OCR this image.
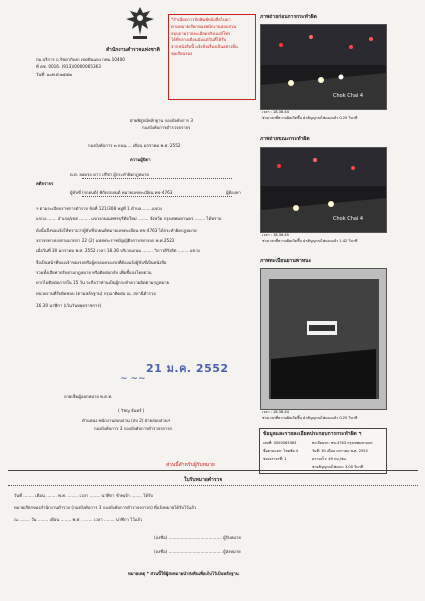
สำนักงานตำรวจแห่งชาติ
กม.บริการ ถ.รัชดาภิเษก เขตดินแดง กทม.10400
ที่ ตช. 0016. (913)/0000065363
วันที่: ๑๐พ.ศ.๒๕๕๒
*สำเนียบการจัดพิมพ์หนังสือไปมา
ตามหมายเรียกของพนักงานสอบสวน
สอบถามรายละเอียดจริงเบอร์โทร
ได้ที่กลางเดือนนับแต่วันที่ได้รับ
จากหนังสือนี้ แจ้งข้อเรื่องเป็นอย่างอื่น
ขอเรียนรอง
ฝ่ายพิสูจน์หลักฐาน กองบังคับการ 3
กองบังคับการตำรวจจราจร
กองบังคับการ ๓ ถนน.... เดือน มกราคม พ.ศ. 2552
ความผู้บิดา
คดีจราจร
ด.ต. ยอดรถ ดาว ปรีชา ผู้กระทำผิดกฎหมาย
ผู้ขับขี่ (รถยนต์) พิกัดรถยนต์ หมายเลขทะเบียน ทข-4763	ผู้ต้องหา
ฯ ตามระเบียบราชการตำรวจ ข้อที่ 121/308 หมู่ที่ 1 ตำบล........แขวง
แขวง........ อำเภอ/เขต ........ แขวงถนนเพชรบุรีตัดใหม่ ........ จังหวัด กรุงเทพมหานคร ........ ได้ทราบ
ดังนั้นจึงขอแจ้งให้ทราบว่าผู้ขับขี่รถยนต์หมายเลขทะเบียน ทข-4763 ได้กระทำผิดกฎหมาย
จราจรทางบกตามมาตรา 22 (2) แห่งพระราชบัญญัติจราจรทางบก พ.ศ.2522
เมื่อวันที่ 30 มกราคม พ.ศ. 2552 เวลา 18.36 บริเวณถนน ........ วิภาวดีรังสิต ........ แขวง
จึงเป็นหน้าที่ของเจ้าของรถหรือผู้ครอบครองรถที่ต้องแจ้งผู้ขับขี่เป็นหนังสือ
รวมทั้งเสียค่าปรับตามกฎหมาย หรือติดต่อกลับ เพื่อชี้แจงโดยด่วน
หากไม่ติดต่อภายใน 15 วัน จะถือว่าท่านเป็นผู้กระทำความผิดตามกฎหมาย
หน่วยงานที่รับผิดชอบ (ตามหลักฐาน) กรุณาติดต่อ ณ. สถานีตำรวจ
16.30 นาฬิกา (เว้นวันหยุดราชการ)
21 ม.ค. 2552
~ ~~
ลายเซ็นผู้ออกหมาย พ.ต.ท.
( วิชญ จันทร์ )
ตำแหน่ง พนักงานสอบสวน (สบ 2) ฝ่ายสอบสวนฯ
กองบังคับการ 3 กองบังคับการตำรวจจราจร
ภาพถ่ายก่อนการกระทำผิด
Chok Chai 4
เวลา : 18.36.44
ช่วงเวลาที่ความผิดเกิดขึ้น ฝ่าสัญญาณไฟแดงแล้ว 0.25 วินาที
ภาพถ่ายขณะกระทำผิด
Chok Chai 4
เวลา : 18.36.45
ช่วงเวลาที่ความผิดเกิดขึ้น ฝ่าสัญญาณไฟแดงแล้ว 1.42 วินาที
ภาพทะเบียนยานพาหนะ
เวลา : 18.36.44
ช่วงเวลาที่ความผิดเกิดขึ้น ฝ่าสัญญาณไฟแดงแล้ว 0.25 วินาที
ข้อมูลและรายละเอียดประกอบการกระทำผิด ฯ
เลขที่: 0000065363	ทะเบียนรถ: ทข-4763 กรุงเทพมหานคร
ชื่อตามแยก: โชคชัย 4	วันที่: 30 เดือน มกราคม พ.ศ. 2552
ช่องจราจรที่: 1	ความเร็ว: 49 กม./ชม.
ช่วงสัญญาณไฟแดง: 3.00 วินาที
ส่วนนี้สำหรับผู้รับหมาย
ใบรับหมายตำรวจ
วันที่ ........ เดือน ........ พ.ศ. ........ เวลา ........ นาฬิกา ข้าพเจ้า ........ ได้รับ
หมายเรียกของสำนักงานตำรวจ (กองบังคับการ 3 กองบังคับการตำรวจจราจร) ที่แจ้งหมายได้รับไว้แล้ว
ณ ........ วัน ........ เดือน ........ พ.ศ. ........ เวลา ........ นาฬิกา ไว้แล้ว
(ลงชื่อ) ........................................ ผู้รับหมาย
(ลงชื่อ) ........................................ ผู้ส่งหมาย
หมายเหตุ * ส่วนนี้ให้ผู้ส่งหมายนำส่งคืนเพื่อเก็บไว้เป็นหลักฐาน
